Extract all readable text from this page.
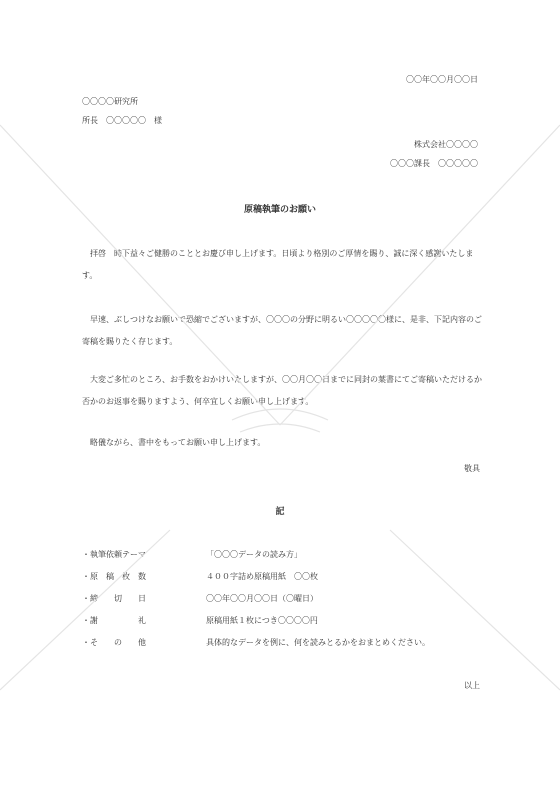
〇〇年〇〇月〇〇日
〇〇〇〇研究所
所長　〇〇〇〇〇　様
株式会社〇〇〇〇
〇〇〇課長　〇〇〇〇〇
原稿執筆のお願い
拝啓　時下益々ご健勝のこととお慶び申し上げます。日頃より格別のご厚情を賜り、誠に深く感謝いたします。
早速、ぶしつけなお願いで恐縮でございますが、〇〇〇の分野に明るい〇〇〇〇〇様に、是非、下記内容のご寄稿を賜りたく存じます。
大変ご多忙のところ、お手数をおかけいたしますが、〇〇月〇〇日までに同封の葉書にてご寄稿いただけるか否かのお返事を賜りますよう、何卒宜しくお願い申し上げます。
略儀ながら、書中をもってお願い申し上げます。
敬具
記
・執筆依頼テーマ	「〇〇〇データの読み方」
・原　稿　枚　数	４００字詰め原稿用紙　〇〇枚
・締　　切　　日	〇〇年〇〇月〇〇日（〇曜日）
・謝　　　　　礼	原稿用紙１枚につき〇〇〇〇円
・そ　　の　　他	具体的なデータを例に、何を読みとるかをおまとめください。
以上
